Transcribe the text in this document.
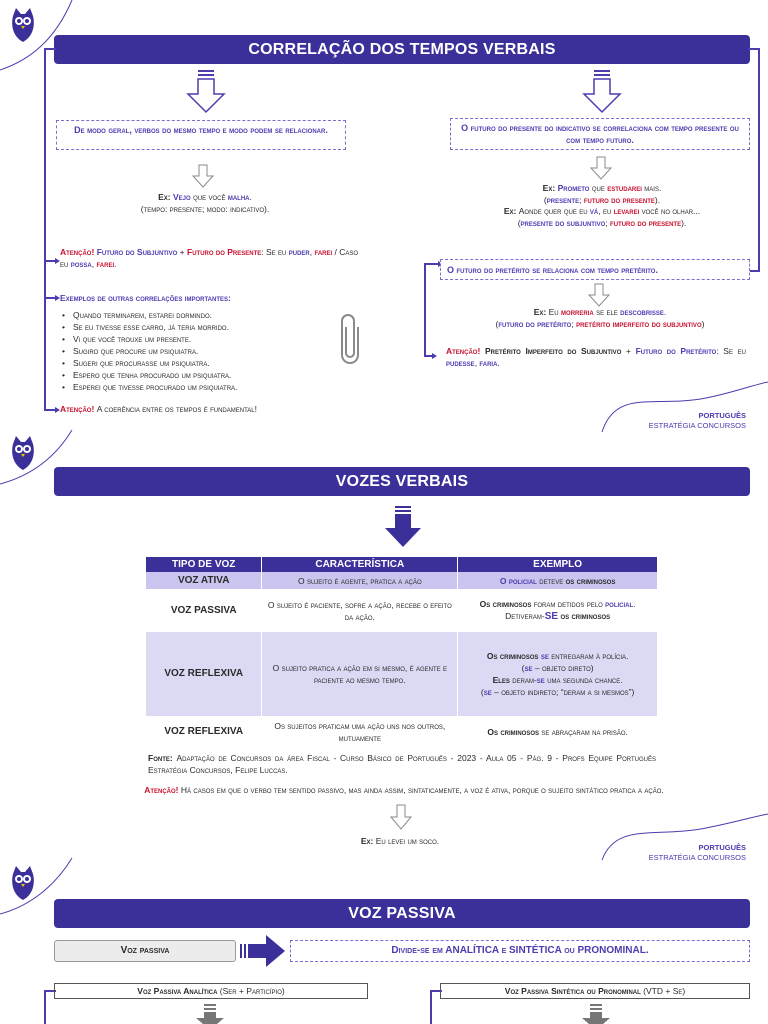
CORRELAÇÃO DOS TEMPOS VERBAIS
De modo geral, verbos do mesmo tempo e modo podem se relacionar.
Ex: Vejo que você malha.
(tempo: presente; modo: indicativo).
Atenção! Futuro do Subjuntivo + Futuro do Presente: Se eu puder, farei / Caso eu possa, farei.
Exemplos de outras correlações importantes:
• Quando terminarem, estarei dormindo.
• Se eu tivesse esse carro, já teria morrido.
• Vi que você trouxe um presente.
• Sugiro que procure um psiquiatra.
• Sugeri que procurasse um psiquiatra.
• Espero que tenha procurado um psiquiatra.
• Esperei que tivesse procurado um psiquiatra.
Atenção! A coerência entre os tempos é fundamental!
O futuro do presente do indicativo se correlaciona com tempo presente ou com tempo futuro.
Ex: Prometo que estudarei mais.
(presente; futuro do presente).
Ex: Aonde quer que eu vá, eu levarei você no olhar...
(presente do subjuntivo; futuro do presente).
O futuro do pretérito se relaciona com tempo pretérito.
Ex: Eu morreria se ele descobrisse.
(futuro do pretérito; pretérito imperfeito do subjuntivo)
Atenção! Pretérito Imperfeito do Subjuntivo + Futuro do Pretérito: Se eu pudesse, faria.
PORTUGUÊS
ESTRATÉGIA CONCURSOS
VOZES VERBAIS
TIPO DE VOZ	CARACTERÍSTICA	EXEMPLO
VOZ ATIVA	O sujeito é agente, pratica a ação	O policial deteve os criminosos
VOZ PASSIVA	O sujeito é paciente, sofre a ação, recebe o efeito da ação.	Os criminosos foram detidos pelo policial.
Detiveram-SE os criminosos
VOZ REFLEXIVA	O sujeito pratica a ação em si mesmo, é agente e paciente ao mesmo tempo.	Os criminosos se entregaram à polícia.
(se – objeto direto)
Eles deram-se uma segunda chance.
(se – objeto indireto; “deram a si mesmos”)
VOZ REFLEXIVA	Os sujeitos praticam uma ação uns nos outros, mutuamente	Os criminosos se abraçaram na prisão.
Fonte: Adaptação de Concursos da área Fiscal - Curso Básico de Português - 2023 - Aula 05 - Pág. 9 - Profs Equipe Português Estratégia Concursos, Felipe Luccas.
Atenção! Há casos em que o verbo tem sentido passivo, mas ainda assim, sintaticamente, a voz é ativa, porque o sujeito sintático pratica a ação.
Ex: Eu levei um soco.
PORTUGUÊS
ESTRATÉGIA CONCURSOS
VOZ PASSIVA
Voz passiva	Divide-se em ANALÍTICA e SINTÉTICA ou PRONOMINAL.
Voz Passiva Analítica (Ser + Particípio)	Voz Passiva Sintética ou Pronominal (VTD + Se)
